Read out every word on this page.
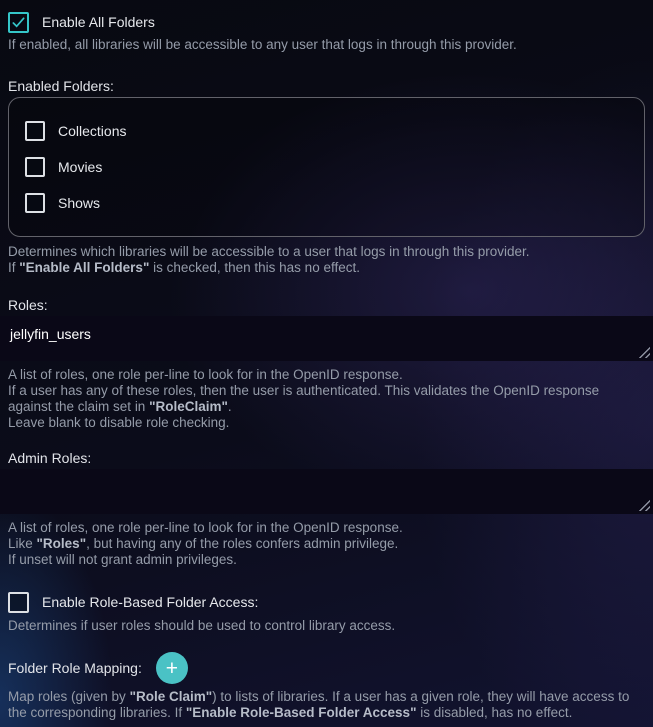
Enable All Folders
If enabled, all libraries will be accessible to any user that logs in through this provider.
Enabled Folders:
Collections
Movies
Shows
Determines which libraries will be accessible to a user that logs in through this provider.
If "Enable All Folders" is checked, then this has no effect.
Roles:
jellyfin_users
A list of roles, one role per-line to look for in the OpenID response.
If a user has any of these roles, then the user is authenticated. This validates the OpenID response against the claim set in "RoleClaim".
Leave blank to disable role checking.
Admin Roles:
A list of roles, one role per-line to look for in the OpenID response.
Like "Roles", but having any of the roles confers admin privilege.
If unset will not grant admin privileges.
Enable Role-Based Folder Access:
Determines if user roles should be used to control library access.
Folder Role Mapping: +
Map roles (given by "Role Claim") to lists of libraries. If a user has a given role, they will have access to the corresponding libraries. If "Enable Role-Based Folder Access" is disabled, has no effect.
